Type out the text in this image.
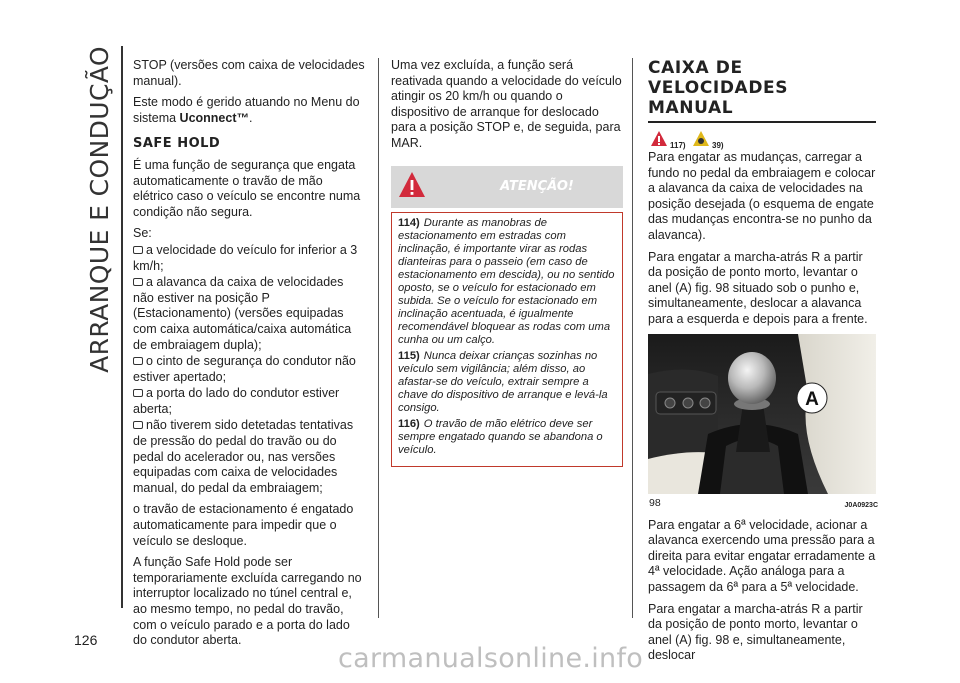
ARRANQUE E CONDUÇÃO
126

STOP (versões com caixa de velocidades manual).

Este modo é gerido atuando no Menu do sistema Uconnect™.

SAFE HOLD

É uma função de segurança que engata automaticamente o travão de mão elétrico caso o veículo se encontre numa condição não segura.

Se:

a velocidade do veículo for inferior a 3 km/h;
a alavanca da caixa de velocidades não estiver na posição P (Estacionamento) (versões equipadas com caixa automática/caixa automática de embraiagem dupla);
o cinto de segurança do condutor não estiver apertado;
a porta do lado do condutor estiver aberta;
não tiverem sido detetadas tentativas de pressão do pedal do travão ou do pedal do acelerador ou, nas versões equipadas com caixa de velocidades manual, do pedal da embraiagem;

o travão de estacionamento é engatado automaticamente para impedir que o veículo se desloque.

A função Safe Hold pode ser temporariamente excluída carregando no interruptor localizado no túnel central e, ao mesmo tempo, no pedal do travão, com o veículo parado e a porta do lado do condutor aberta.

Uma vez excluída, a função será reativada quando a velocidade do veículo atingir os 20 km/h ou quando o dispositivo de arranque for deslocado para a posição STOP e, de seguida, para MAR.

ATENÇÃO!

114) Durante as manobras de estacionamento em estradas com inclinação, é importante virar as rodas dianteiras para o passeio (em caso de estacionamento em descida), ou no sentido oposto, se o veículo for estacionado em subida. Se o veículo for estacionado em inclinação acentuada, é igualmente recomendável bloquear as rodas com uma cunha ou um calço.

115) Nunca deixar crianças sozinhas no veículo sem vigilância; além disso, ao afastar-se do veículo, extrair sempre a chave do dispositivo de arranque e levá-la consigo.

116) O travão de mão elétrico deve ser sempre engatado quando se abandona o veículo.

CAIXA DE VELOCIDADES
MANUAL
117)	39)

Para engatar as mudanças, carregar a fundo no pedal da embraiagem e colocar a alavanca da caixa de velocidades na posição desejada (o esquema de engate das mudanças encontra-se no punho da alavanca).

Para engatar a marcha-atrás R a partir da posição de ponto morto, levantar o anel (A) fig. 98 situado sob o punho e, simultaneamente, deslocar a alavanca para a esquerda e depois para a frente.

A
98	J0A0923C

Para engatar a 6ª velocidade, acionar a alavanca exercendo uma pressão para a direita para evitar engatar erradamente a 4ª velocidade. Ação análoga para a passagem da 6ª para a 5ª velocidade.

Para engatar a marcha-atrás R a partir da posição de ponto morto, levantar o anel (A) fig. 98 e, simultaneamente, deslocar

carmanualsonline.info
